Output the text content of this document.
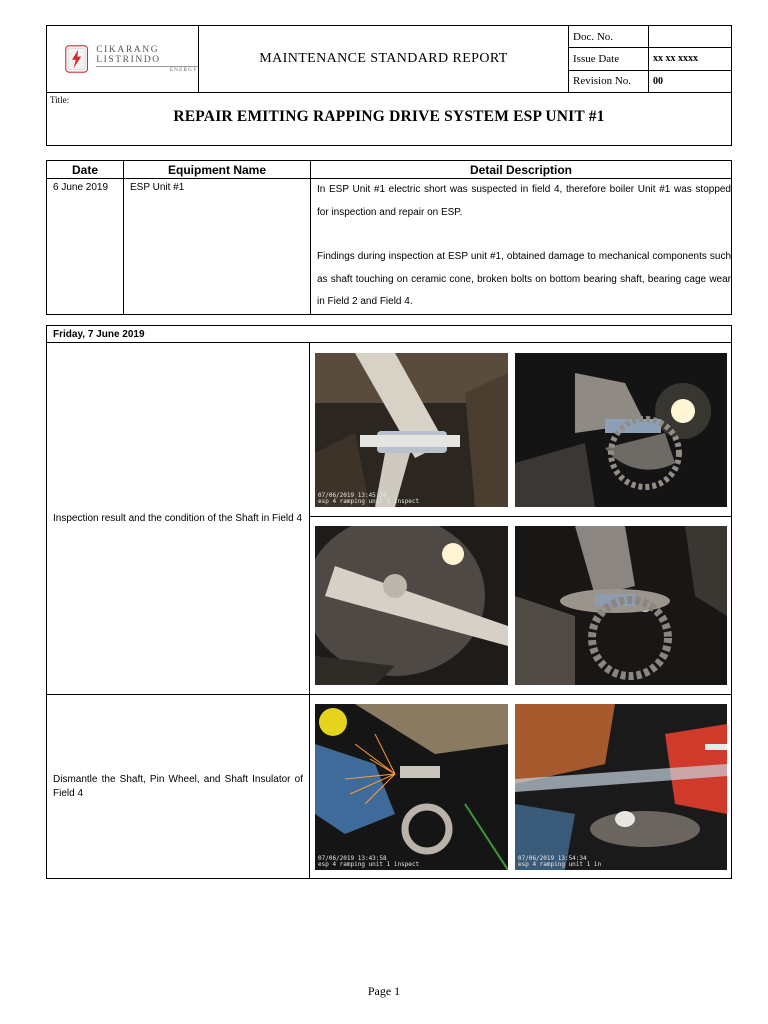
CIKARANG LISTRINDO
ENERGY	MAINTENANCE STANDARD REPORT	Doc. No.	
		Issue Date	xx xx xxxx
		Revision No.	00

Title:
REPAIR EMITING RAPPING DRIVE SYSTEM ESP UNIT #1			
Date	Equipment Name	Detail Description
6 June 2019	ESP Unit #1	In ESP Unit #1 electric short was suspected in field 4, therefore boiler Unit #1 was stopped for inspection and repair on ESP.

Findings during inspection at ESP unit #1, obtained damage to mechanical components such as shaft touching on ceramic cone, broken bolts on bottom bearing shaft, bearing cage wear in Field 2 and Field 4.

Friday, 7 June 2019	
Inspection result and the condition of the Shaft in Field 4	07/06/2019 13:45:24
esp 4 ramping unit 1 inspect

Dismantle the Shaft, Pin Wheel, and Shaft Insulator of Field 4	07/06/2019 13:43:58
esp 4 ramping unit 1 inspect
07/06/2019 13:54:34
esp 4 ramping unit 1 in
Page 1
